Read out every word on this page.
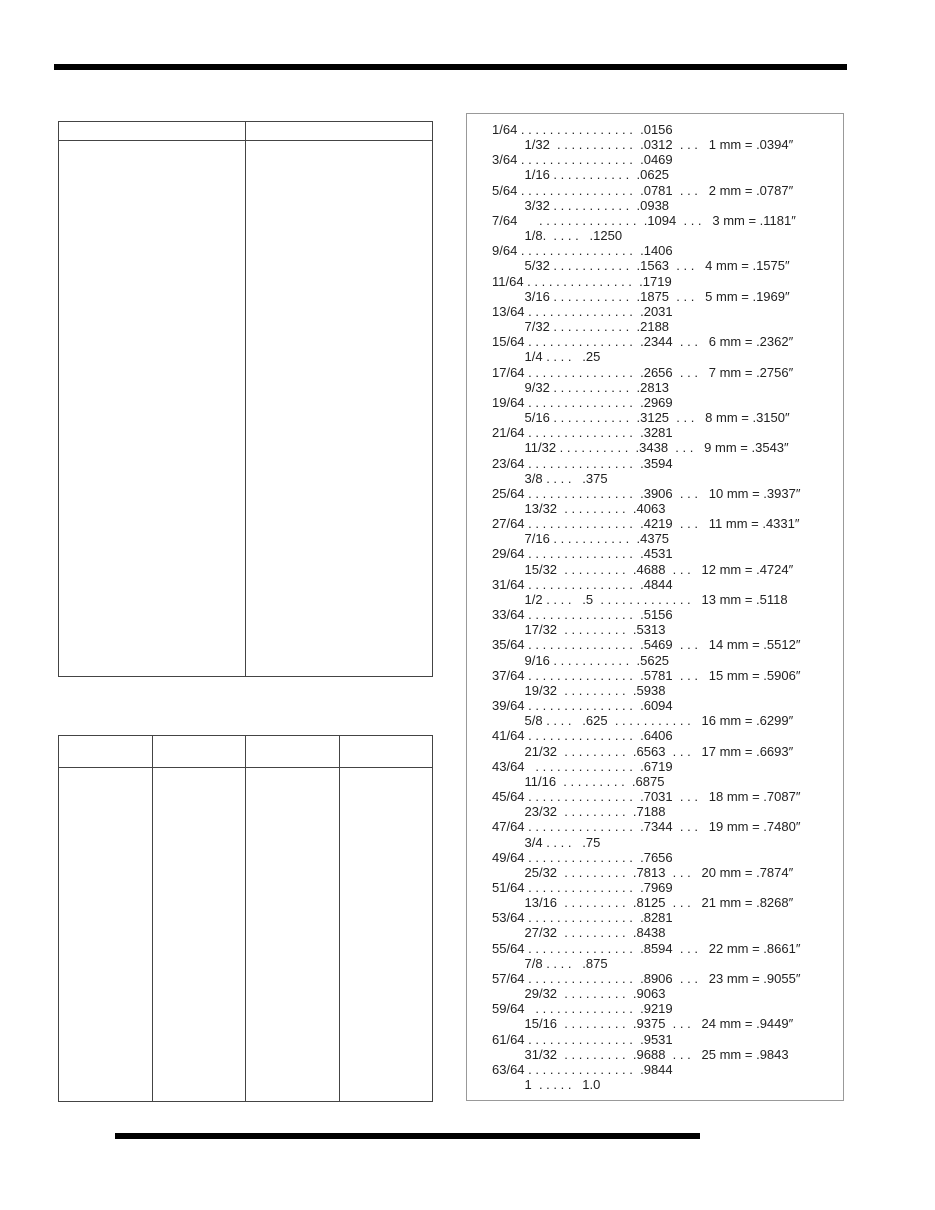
1/64 . . . . . . . . . . . . . . . .  .0156
1/32  . . . . . . . . . . .  .0312  . . .   1 mm = .0394″
3/64 . . . . . . . . . . . . . . . .  .0469
1/16 . . . . . . . . . . .  .0625
5/64 . . . . . . . . . . . . . . . .  .0781  . . .   2 mm = .0787″
3/32 . . . . . . . . . . .  .0938
7/64      . . . . . . . . . . . . . .  .1094  . . .   3 mm = .1181″
1/8.  . . . .   .1250
9/64 . . . . . . . . . . . . . . . .  .1406
5/32 . . . . . . . . . . .  .1563  . . .   4 mm = .1575″
11/64 . . . . . . . . . . . . . . .  .1719
3/16 . . . . . . . . . . .  .1875  . . .   5 mm = .1969″
13/64 . . . . . . . . . . . . . . .  .2031
7/32 . . . . . . . . . . .  .2188
15/64 . . . . . . . . . . . . . . .  .2344  . . .   6 mm = .2362″
1/4 . . . .   .25
17/64 . . . . . . . . . . . . . . .  .2656  . . .   7 mm = .2756″
9/32 . . . . . . . . . . .  .2813
19/64 . . . . . . . . . . . . . . .  .2969
5/16 . . . . . . . . . . .  .3125  . . .   8 mm = .3150″
21/64 . . . . . . . . . . . . . . .  .3281
11/32 . . . . . . . . . .  .3438  . . .   9 mm = .3543″
23/64 . . . . . . . . . . . . . . .  .3594
3/8 . . . .   .375
25/64 . . . . . . . . . . . . . . .  .3906  . . .   10 mm = .3937″
13/32  . . . . . . . . .  .4063
27/64 . . . . . . . . . . . . . . .  .4219  . . .   11 mm = .4331″
7/16 . . . . . . . . . . .  .4375
29/64 . . . . . . . . . . . . . . .  .4531
15/32  . . . . . . . . .  .4688  . . .   12 mm = .4724″
31/64 . . . . . . . . . . . . . . .  .4844
1/2 . . . .   .5  . . . . . . . . . . . . .   13 mm = .5118
33/64 . . . . . . . . . . . . . . .  .5156
17/32  . . . . . . . . .  .5313
35/64 . . . . . . . . . . . . . . .  .5469  . . .   14 mm = .5512″
9/16 . . . . . . . . . . .  .5625
37/64 . . . . . . . . . . . . . . .  .5781  . . .   15 mm = .5906″
19/32  . . . . . . . . .  .5938
39/64 . . . . . . . . . . . . . . .  .6094
5/8 . . . .   .625  . . . . . . . . . . .   16 mm = .6299″
41/64 . . . . . . . . . . . . . . .  .6406
21/32  . . . . . . . . .  .6563  . . .   17 mm = .6693″
43/64   . . . . . . . . . . . . . .  .6719
11/16  . . . . . . . . .  .6875
45/64 . . . . . . . . . . . . . . .  .7031  . . .   18 mm = .7087″
23/32  . . . . . . . . .  .7188
47/64 . . . . . . . . . . . . . . .  .7344  . . .   19 mm = .7480″
3/4 . . . .   .75
49/64 . . . . . . . . . . . . . . .  .7656
25/32  . . . . . . . . .  .7813  . . .   20 mm = .7874″
51/64 . . . . . . . . . . . . . . .  .7969
13/16  . . . . . . . . .  .8125  . . .   21 mm = .8268″
53/64 . . . . . . . . . . . . . . .  .8281
27/32  . . . . . . . . .  .8438
55/64 . . . . . . . . . . . . . . .  .8594  . . .   22 mm = .8661″
7/8 . . . .   .875
57/64 . . . . . . . . . . . . . . .  .8906  . . .   23 mm = .9055″
29/32  . . . . . . . . .  .9063
59/64   . . . . . . . . . . . . . .  .9219
15/16  . . . . . . . . .  .9375  . . .   24 mm = .9449″
61/64 . . . . . . . . . . . . . . .  .9531
31/32  . . . . . . . . .  .9688  . . .   25 mm = .9843
63/64 . . . . . . . . . . . . . . .  .9844
1  . . . . .   1.0
